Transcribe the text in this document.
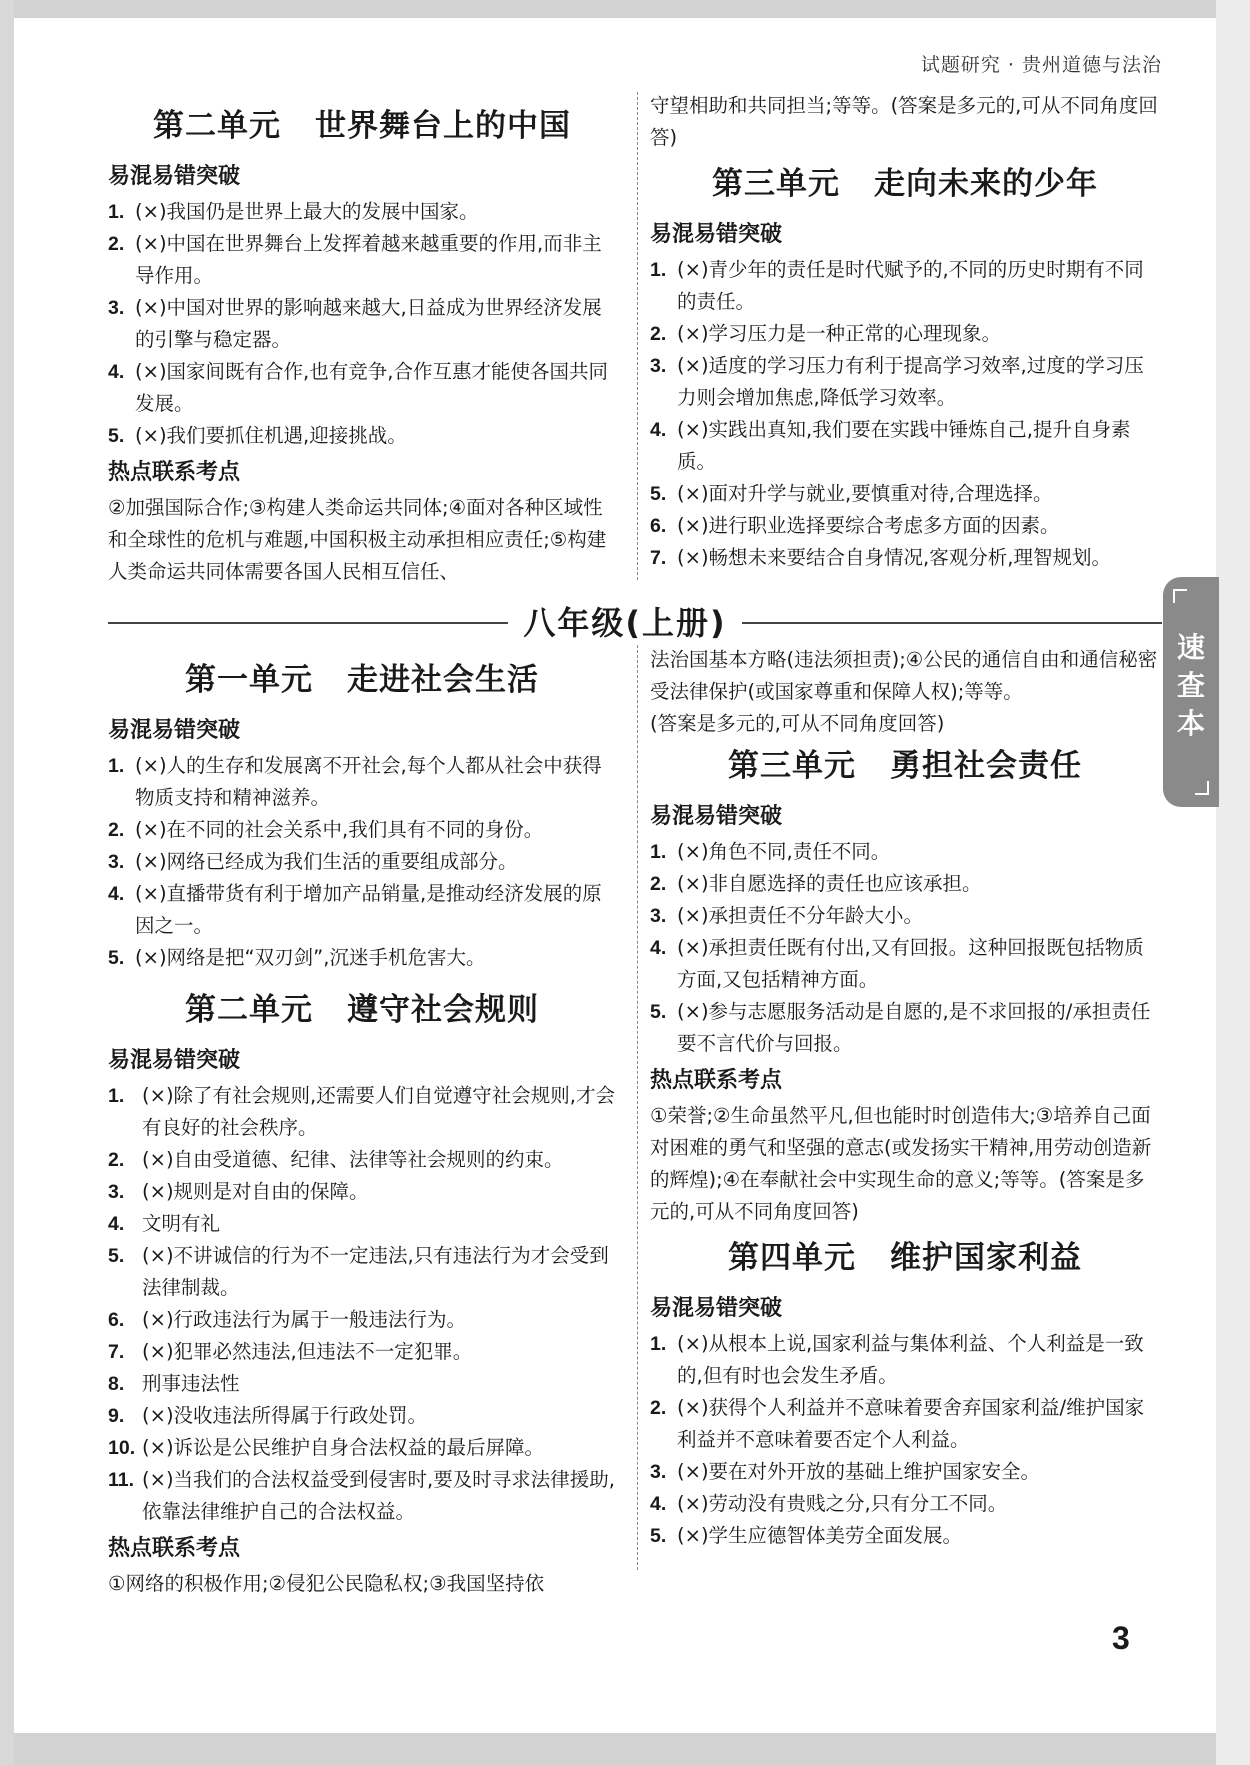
试题研究 · 贵州道德与法治
第二单元 世界舞台上的中国
易混易错突破
1. (×)我国仍是世界上最大的发展中国家。
2. (×)中国在世界舞台上发挥着越来越重要的作用,而非主导作用。
3. (×)中国对世界的影响越来越大,日益成为世界经济发展的引擎与稳定器。
4. (×)国家间既有合作,也有竞争,合作互惠才能使各国共同发展。
5. (×)我们要抓住机遇,迎接挑战。
热点联系考点

②加强国际合作;③构建人类命运共同体;④面对各种区域性和全球性的危机与难题,中国积极主动承担相应责任;⑤构建人类命运共同体需要各国人民相互信任、

守望相助和共同担当;等等。(答案是多元的,可从不同角度回答)

第三单元 走向未来的少年
易混易错突破
1. (×)青少年的责任是时代赋予的,不同的历史时期有不同的责任。
2. (×)学习压力是一种正常的心理现象。
3. (×)适度的学习压力有利于提高学习效率,过度的学习压力则会增加焦虑,降低学习效率。
4. (×)实践出真知,我们要在实践中锤炼自己,提升自身素质。
5. (×)面对升学与就业,要慎重对待,合理选择。
6. (×)进行职业选择要综合考虑多方面的因素。
7. (×)畅想未来要结合自身情况,客观分析,理智规划。
八年级(上册)
第一单元 走进社会生活
易混易错突破
1. (×)人的生存和发展离不开社会,每个人都从社会中获得物质支持和精神滋养。
2. (×)在不同的社会关系中,我们具有不同的身份。
3. (×)网络已经成为我们生活的重要组成部分。
4. (×)直播带货有利于增加产品销量,是推动经济发展的原因之一。
5. (×)网络是把“双刃剑”,沉迷手机危害大。
第二单元 遵守社会规则
易混易错突破
1. (×)除了有社会规则,还需要人们自觉遵守社会规则,才会有良好的社会秩序。
2. (×)自由受道德、纪律、法律等社会规则的约束。
3. (×)规则是对自由的保障。
4. 文明有礼
5. (×)不讲诚信的行为不一定违法,只有违法行为才会受到法律制裁。
6. (×)行政违法行为属于一般违法行为。
7. (×)犯罪必然违法,但违法不一定犯罪。
8. 刑事违法性
9. (×)没收违法所得属于行政处罚。
10. (×)诉讼是公民维护自身合法权益的最后屏障。
11. (×)当我们的合法权益受到侵害时,要及时寻求法律援助,依靠法律维护自己的合法权益。
热点联系考点

①网络的积极作用;②侵犯公民隐私权;③我国坚持依

法治国基本方略(违法须担责);④公民的通信自由和通信秘密受法律保护(或国家尊重和保障人权);等等。

(答案是多元的,可从不同角度回答)

第三单元 勇担社会责任
易混易错突破
1. (×)角色不同,责任不同。
2. (×)非自愿选择的责任也应该承担。
3. (×)承担责任不分年龄大小。
4. (×)承担责任既有付出,又有回报。这种回报既包括物质方面,又包括精神方面。
5. (×)参与志愿服务活动是自愿的,是不求回报的/承担责任要不言代价与回报。
热点联系考点

①荣誉;②生命虽然平凡,但也能时时创造伟大;③培养自己面对困难的勇气和坚强的意志(或发扬实干精神,用劳动创造新的辉煌);④在奉献社会中实现生命的意义;等等。(答案是多元的,可从不同角度回答)

第四单元 维护国家利益
易混易错突破
1. (×)从根本上说,国家利益与集体利益、个人利益是一致的,但有时也会发生矛盾。
2. (×)获得个人利益并不意味着要舍弃国家利益/维护国家利益并不意味着要否定个人利益。
3. (×)要在对外开放的基础上维护国家安全。
4. (×)劳动没有贵贱之分,只有分工不同。
5. (×)学生应德智体美劳全面发展。
速
查
本
3
